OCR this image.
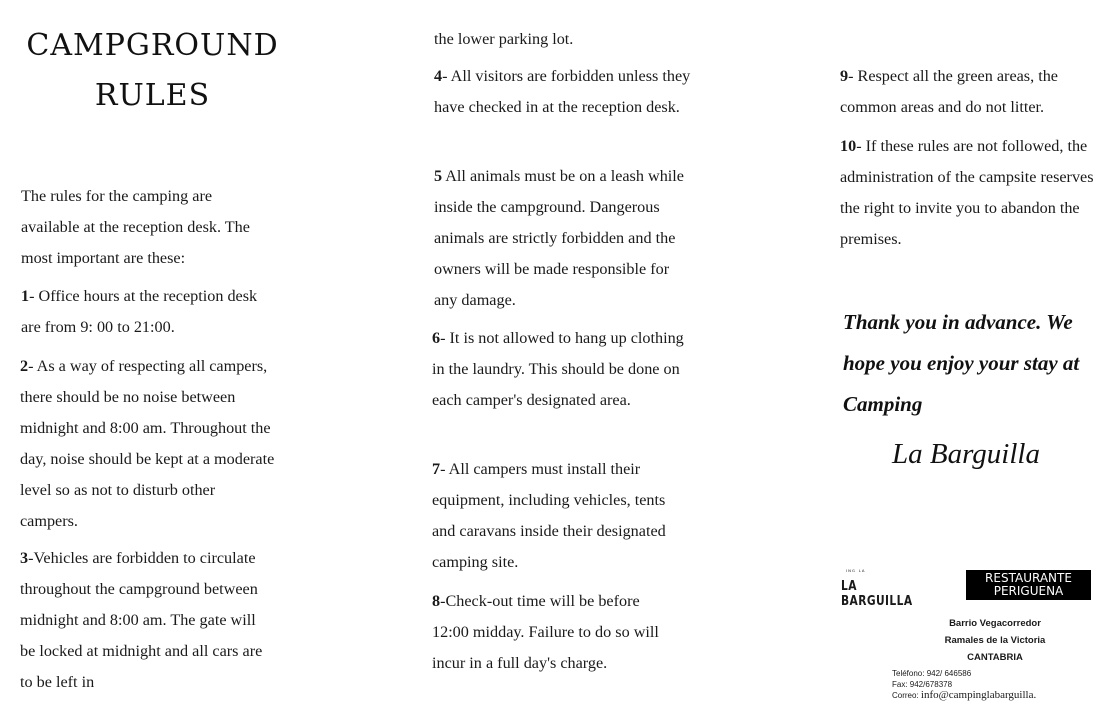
CAMPGROUND
RULES

The rules for the camping are available at the reception desk. The most important are these:

1- Office hours at the reception desk are from 9: 00 to 21:00.

2- As a way of respecting all campers, there should be no noise between midnight and 8:00 am. Throughout the day, noise should be kept at a moderate level so as not to disturb other campers.

3-Vehicles are forbidden to circulate throughout the campground between midnight and 8:00 am. The gate will be locked at midnight and all cars are to be left in

the lower parking lot.

4- All visitors are forbidden unless they have checked in at the reception desk.

5 All animals must be on a leash while inside the campground. Dangerous animals are strictly forbidden and the owners will be made responsible for any damage.

6- It is not allowed to hang up clothing in the laundry. This should be done on each camper's designated area.

7- All campers must install their equipment, including vehicles, tents and caravans inside their designated camping site.

8-Check-out time will be before 12:00 midday. Failure to do so will incur in a full day's charge.

9- Respect all the green areas, the common areas and do not litter.

10- If these rules are not followed, the administration of the campsite reserves the right to invite you to abandon the premises.

Thank you in advance. We hope you enjoy your stay at Camping
La Barguilla
ᴵᴺᴳ ᴸᴬ
LA BARGUILLA
RESTAURANTE
PERIGUENA
Barrio Vegacorredor
Ramales de la Victoria
CANTABRIA
Teléfono: 942/ 646586
Fax: 942/678378
Correo: info@campinglabarguilla.
